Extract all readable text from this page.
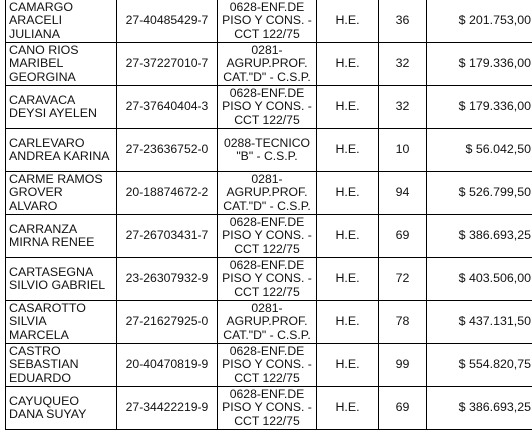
CAMARGO
ARACELI
JULIANA	27-40485429-7	0628-ENF.DE
PISO Y CONS. -
CCT 122/75	H.E.	36	$ 201.753,00

CANO RIOS
MARIBEL
GEORGINA	27-37227010-7	0281-
AGRUP.PROF.
CAT."D" - C.S.P.	H.E.	32	$ 179.336,00

CARAVACA
DEYSI AYELEN	27-37640404-3	0628-ENF.DE
PISO Y CONS. -
CCT 122/75	H.E.	32	$ 179.336,00

CARLEVARO
ANDREA KARINA	27-23636752-0	0288-TECNICO
"B" - C.S.P.	H.E.	10	$ 56.042,50

CARME RAMOS
GROVER
ALVARO	20-18874672-2	0281-
AGRUP.PROF.
CAT."D" - C.S.P.	H.E.	94	$ 526.799,50

CARRANZA
MIRNA RENEE	27-26703431-7	0628-ENF.DE
PISO Y CONS. -
CCT 122/75	H.E.	69	$ 386.693,25

CARTASEGNA
SILVIO GABRIEL	23-26307932-9	0628-ENF.DE
PISO Y CONS. -
CCT 122/75	H.E.	72	$ 403.506,00

CASAROTTO
SILVIA
MARCELA	27-21627925-0	0281-
AGRUP.PROF.
CAT."D" - C.S.P.	H.E.	78	$ 437.131,50

CASTRO
SEBASTIAN
EDUARDO	20-40470819-9	0628-ENF.DE
PISO Y CONS. -
CCT 122/75	H.E.	99	$ 554.820,75

CAYUQUEO
DANA SUYAY	27-34422219-9	0628-ENF.DE
PISO Y CONS. -
CCT 122/75	H.E.	69	$ 386.693,25
